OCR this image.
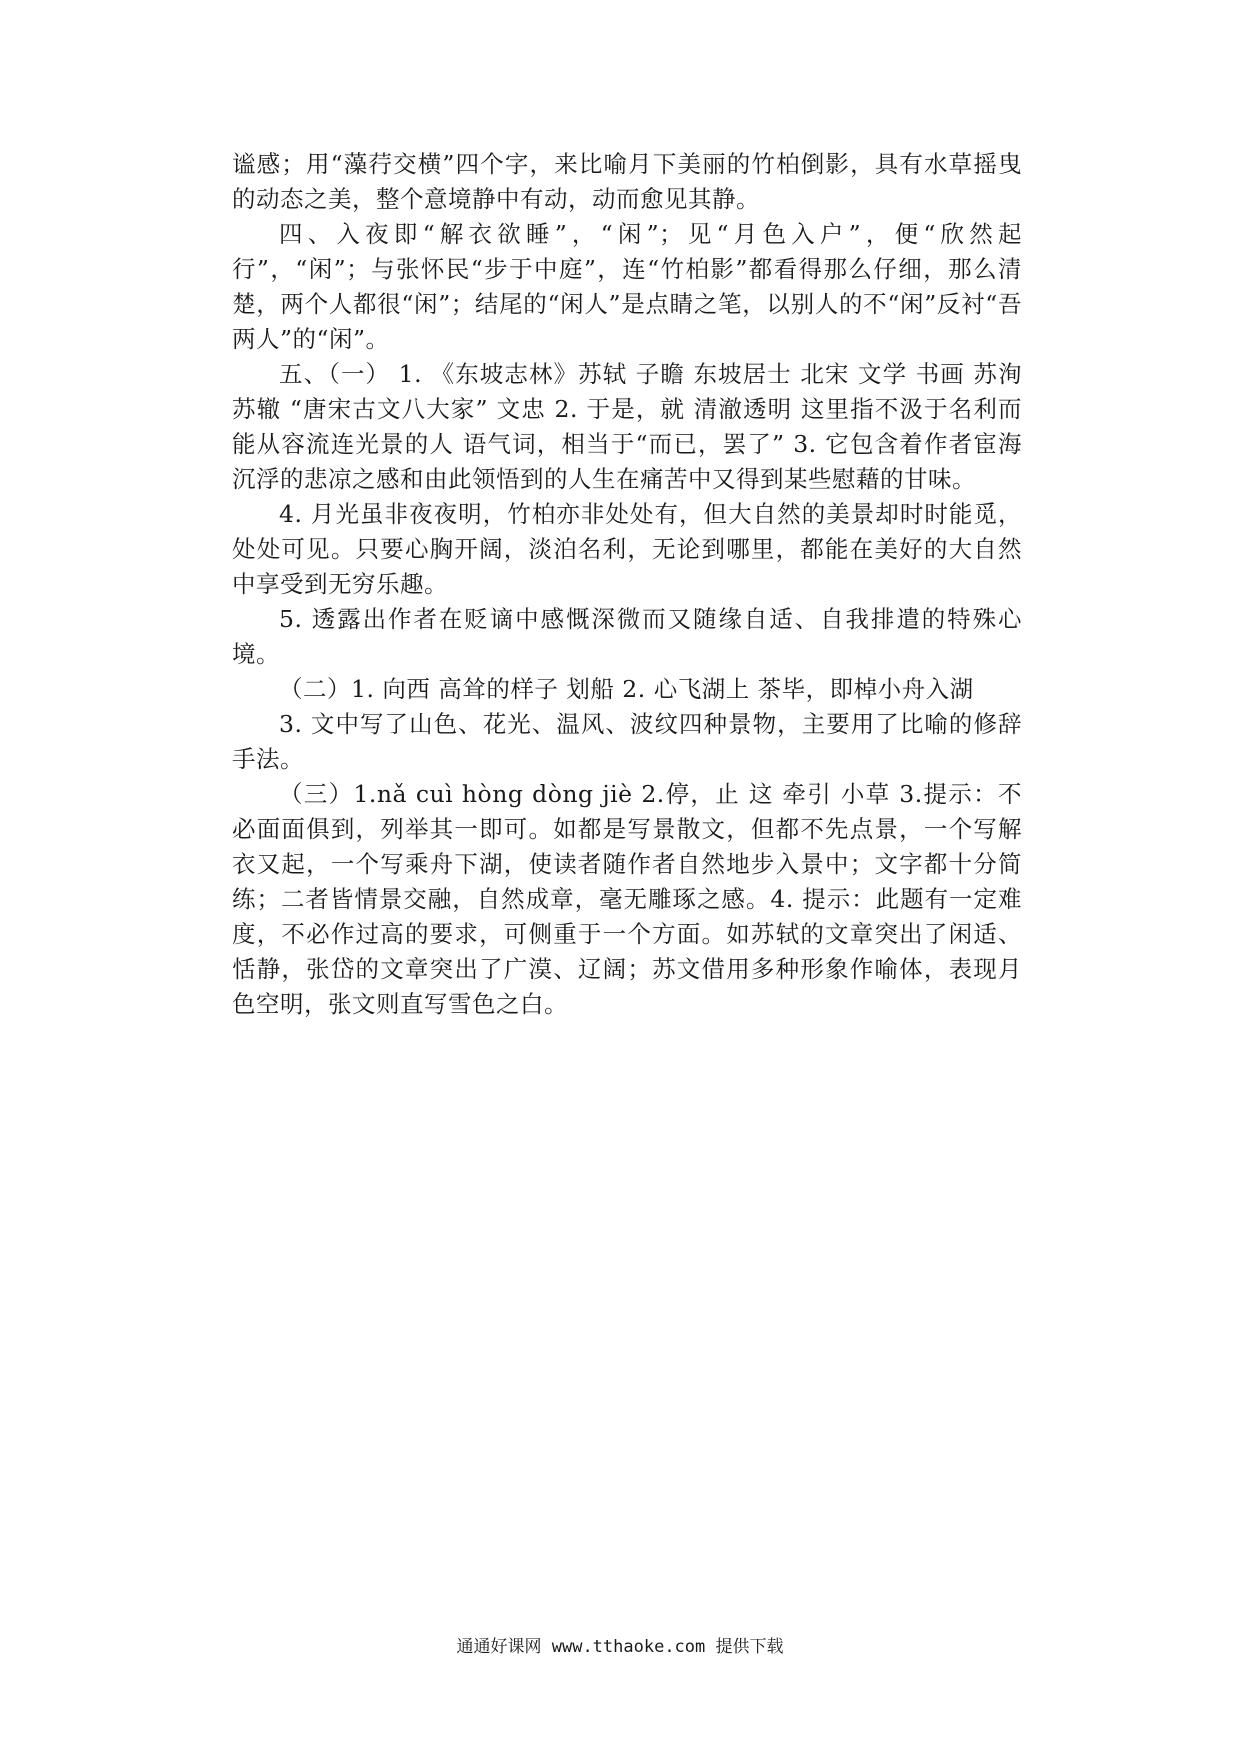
谧感；用“藻荇交横”四个字，来比喻月下美丽的竹柏倒影，具有水草摇曳的动态之美，整个意境静中有动，动而愈见其静。

四、入夜即“解衣欲睡”，“闲”；见“月色入户”，便“欣然起行”，“闲”；与张怀民“步于中庭”，连“竹柏影”都看得那么仔细，那么清楚，两个人都很“闲”；结尾的“闲人”是点睛之笔，以别人的不“闲”反衬“吾两人”的“闲”。

五、（一） 1. 《东坡志林》苏轼 子瞻 东坡居士 北宋 文学 书画 苏洵 苏辙 “唐宋古文八大家” 文忠 2. 于是，就 清澈透明 这里指不汲于名利而能从容流连光景的人 语气词，相当于“而已，罢了” 3. 它包含着作者宦海沉浮的悲凉之感和由此领悟到的人生在痛苦中又得到某些慰藉的甘味。

4. 月光虽非夜夜明，竹柏亦非处处有，但大自然的美景却时时能觅，处处可见。只要心胸开阔，淡泊名利，无论到哪里，都能在美好的大自然中享受到无穷乐趣。

5. 透露出作者在贬谪中感慨深微而又随缘自适、自我排遣的特殊心境。

（二）1. 向西 高耸的样子 划船 2. 心飞湖上 茶毕，即棹小舟入湖

3. 文中写了山色、花光、温风、波纹四种景物，主要用了比喻的修辞手法。

（三）1.nǎ cuì hòng dòng jiè 2.停，止 这 牵引 小草 3.提示：不必面面俱到，列举其一即可。如都是写景散文，但都不先点景，一个写解衣又起，一个写乘舟下湖，使读者随作者自然地步入景中；文字都十分简练；二者皆情景交融，自然成章，毫无雕琢之感。4. 提示：此题有一定难度，不必作过高的要求，可侧重于一个方面。如苏轼的文章突出了闲适、恬静，张岱的文章突出了广漠、辽阔；苏文借用多种形象作喻体，表现月色空明，张文则直写雪色之白。

通通好课网 www.tthaoke.com 提供下载
